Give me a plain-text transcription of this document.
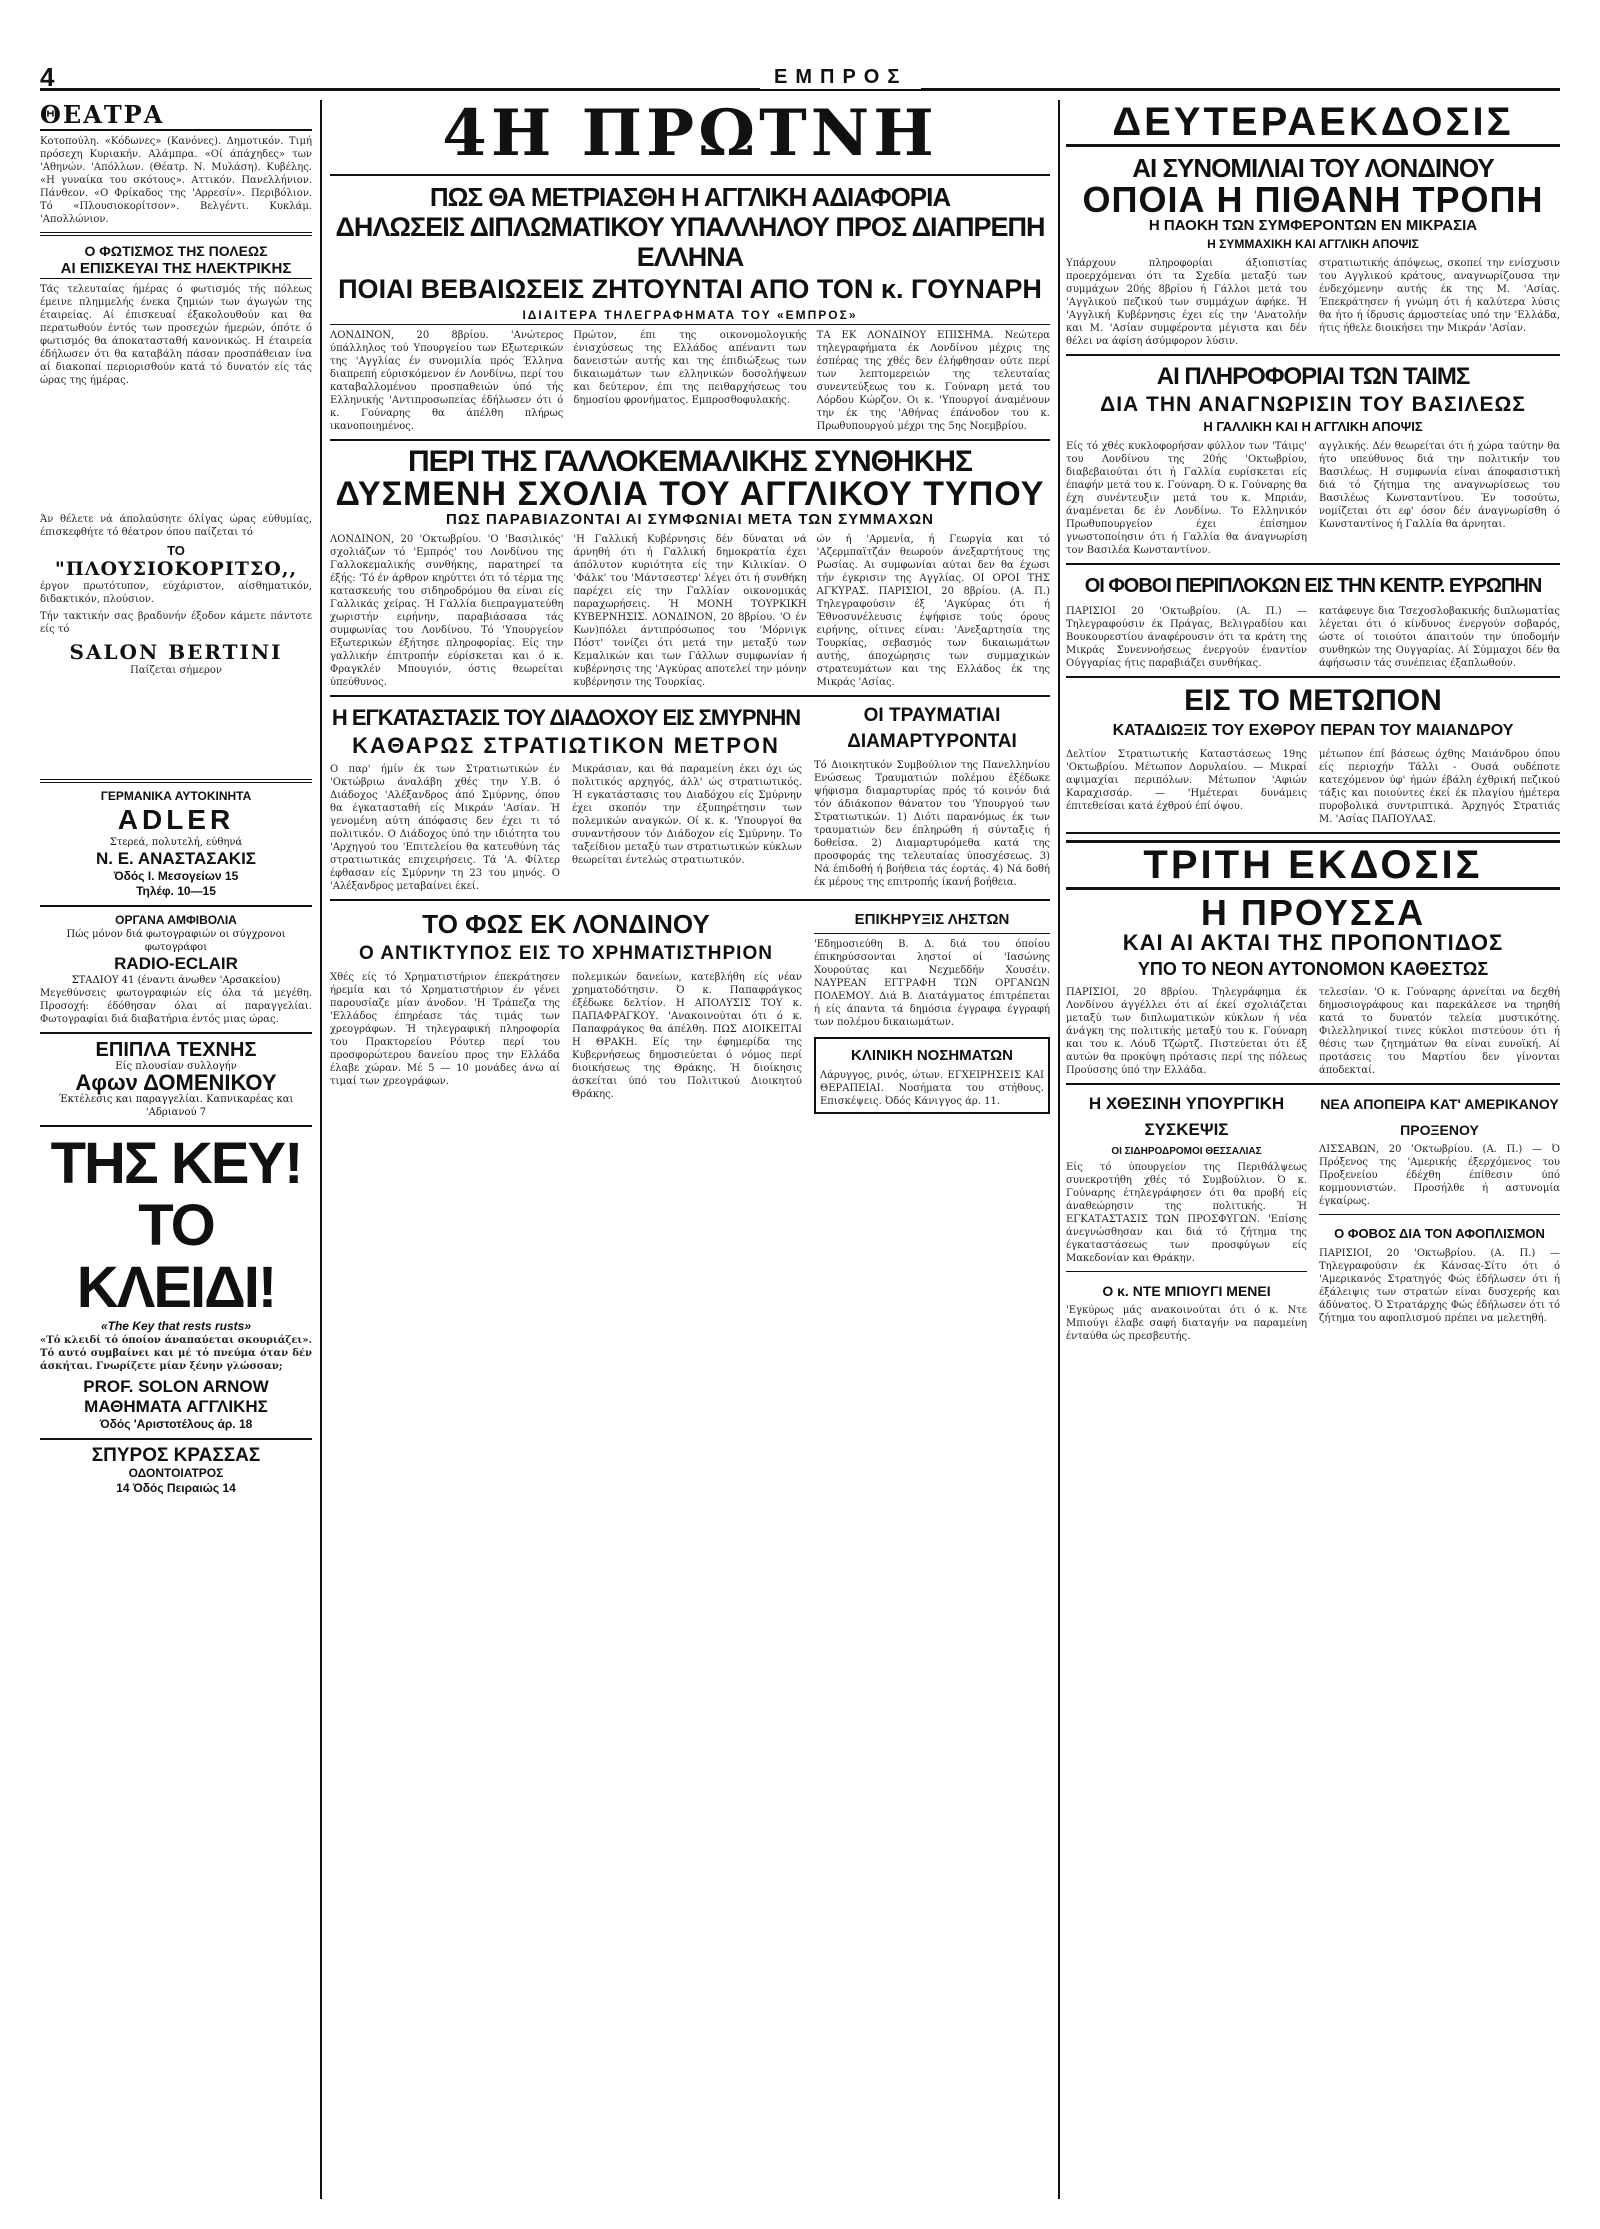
4	ΕΜΠΡΟΣ
ΘΕΑΤΡΑ
Κοτοπούλη. «Κόδωνες» (Κανόνες). Δημοτικόν. Τιμή πρόσεχη Κυριακήν. Αλάμπρα. «Οί άπάχηδες» των 'Αθηνών. 'Απόλλων. (Θέατρ. Ν. Μυλάση). Κυβέλης. «Η γυναίκα του σκότους». Αττικόν. Πανελλήνιον. Πάνθεον. «Ο Φρίκαδος της 'Αρρεσίν». Περιβόλιον. Τό «Πλουσιοκορίτσον». Βελγέντι. Κυκλάμ. 'Απολλώνιον.
Ο ΦΩΤΙΣΜΟΣ ΤΗΣ ΠΟΛΕΩΣ
ΑΙ ΕΠΙΣΚΕΥΑΙ ΤΗΣ ΗΛΕΚΤΡΙΚΗΣ
Τάς τελευταίας ήμέρας ό φωτισμός τής πόλεως έμεινε πλημμελής ένεκα ζημιών των άγωγών της έταιρείας. Αί έπισκευαί έξακολουθούν και θα περατωθούν έντός των προσεχών ήμερών, όπότε ό φωτισμός θα άποκατασταθή κανονικώς. Η έταιρεία έδήλωσεν ότι θα καταβάλη πάσαν προσπάθειαν ίνα αί διακοπαί περιορισθούν κατά τό δυνατόν είς τάς ώρας της ήμέρας.
Άν θέλετε νά άπολαύσητε όλίγας ώρας εύθυμίας, έπισκεφθήτε τό θέατρον όπου παίζεται τό
ΤΟ
"ΠΛΟΥΣΙΟΚΟΡΙΤΣΟ,,
έργον πρωτότυπον, εύχάριστον, αίσθηματικόν, διδακτικόν, πλούσιον.
Τήν τακτικήν σας βραδυνήν έξοδον κάμετε πάντοτε είς τό
SALON BERTINI
Παίζεται σήμερον
ΓΕΡΜΑΝΙΚΑ ΑΥΤΟΚΙΝΗΤΑ
ADLER
Στερεά, πολυτελή, εύθηνά
Ν. Ε. ΑΝΑΣΤΑΣΑΚΙΣ
Όδός Ι. Μεσογείων 15
Τηλέφ. 10—15
ΟΡΓΑΝΑ ΑΜΦΙΒΟΛΙΑ
Πώς μόνον διά φωτογραφιών οι σύγχρονοι φωτογράφοι
RADIO-ECLAIR
ΣΤΑΔΙΟΥ 41 (έναντι άνωθεν 'Αρσακείου)
Μεγεθύνσεις φωτογραφιών είς όλα τά μεγέθη. Προσοχή: έδόθησαν όλαι αί παραγγελίαι. Φωτογραφίαι διά διαβατήρια έντός μιας ώρας.
ΕΠΙΠΛΑ ΤΕΧΝΗΣ
Είς πλουσίαν συλλογήν
Αφων ΔΟΜΕΝΙΚΟΥ
Έκτέλεσις και παραγγελίαι. Καπνικαρέας και 'Αδριανού 7
ΤΗΣ ΚΕΥ!
ΤΟ ΚΛΕΙΔΙ!
«The Key that rests rusts»
«Τό κλειδί τό όποίον άναπαύεται σκουριάζει». Τό αυτό συμβαίνει και μέ τό πνεύμα όταν δέν άσκήται. Γνωρίζετε μίαν ξένην γλώσσαν;
PROF. SOLON ARNOW
ΜΑΘΗΜΑΤΑ ΑΓΓΛΙΚΗΣ
Όδός 'Αριστοτέλους άρ. 18
ΣΠΥΡΟΣ ΚΡΑΣΣΑΣ
ΟΔΟΝΤΟΙΑΤΡΟΣ
14 Όδός Πειραιώς 14
4Η ΠΡΩΤΝΗ
ΠΩΣ ΘΑ ΜΕΤΡΙΑΣΘΗ Η ΑΓΓΛΙΚΗ ΑΔΙΑΦΟΡΙΑ
ΔΗΛΩΣΕΙΣ ΔΙΠΛΩΜΑΤΙΚΟΥ ΥΠΑΛΛΗΛΟΥ ΠΡΟΣ ΔΙΑΠΡΕΠΗ ΕΛΛΗΝΑ
ΠΟΙΑΙ ΒΕΒΑΙΩΣΕΙΣ ΖΗΤΟΥΝΤΑΙ ΑΠΟ ΤΟΝ κ. ΓΟΥΝΑΡΗ
ΙΔΙΑΙΤΕΡΑ ΤΗΛΕΓΡΑΦΗΜΑΤΑ ΤΟΥ «ΕΜΠΡΟΣ»
ΛΟΝΔΙΝΟΝ, 20 8βρίου. 'Ανώτερος ύπάλληλος τού Υπουργείου των Εξωτερικών της 'Αγγλίας έν συνομιλία πρός Έλληνα διαπρεπή εύρισκόμενον έν Λονδίνω, περί του καταβαλλομένου προσπαθειών ύπό τής Ελληνικής 'Αντιπροσωπείας έδήλωσεν ότι ό κ. Γούναρης θα άπέλθη πλήρως ικανοποιημένος.
Πρώτον, έπι της οικονομολογικής ένισχύσεως της Ελλάδος απέναντι των δανειστών αυτής και της έπιδιώξεως των δικαιωμάτων των ελληνικών δοσολήψεων και δεύτερον, έπι της πειθαρχήσεως του δημοσίου φρονήματος. Εμπροσθοφυλακής.
ΤΑ ΕΚ ΛΟΝΔΙΝΟΥ ΕΠΙΣΗΜΑ. Νεώτερα τηλεγραφήματα έκ Λονδίνου μέχρις της έσπέρας της χθές δεν έλήφθησαν ούτε περί των λεπτομερειών της τελευταίας συνεντεύξεως του κ. Γούναρη μετά του Λόρδου Κώρζον. Οι κ. 'Υπουργοί άναμένουν την έκ της 'Αθήνας έπάνοδον του κ. Πρωθυπουργού μέχρι της 5ης Νοεμβρίου.
ΠΕΡΙ ΤΗΣ ΓΑΛΛΟΚΕΜΑΛΙΚΗΣ ΣΥΝΘΗΚΗΣ
ΔΥΣΜΕΝΗ ΣΧΟΛΙΑ ΤΟΥ ΑΓΓΛΙΚΟΥ ΤΥΠΟΥ
ΠΩΣ ΠΑΡΑΒΙΑΖΟΝΤΑΙ ΑΙ ΣΥΜΦΩΝΙΑΙ ΜΕΤΑ ΤΩΝ ΣΥΜΜΑΧΩΝ
ΛΟΝΔΙΝΟΝ, 20 'Οκτωβρίου. 'Ο 'Βασιλικός' σχολιάζων τό 'Εμπρός' του Λονδίνου της Γαλλοκεμαλικής συνθήκης, παρατηρεί τα έξής: 'Τό έν άρθρον κηρύττει ότι τό τέρμα της κατασκευής του σιδηροδρόμου θα είναι είς Γαλλικάς χείρας. Ή Γαλλία διεπραγματεύθη χωριστήν ειρήνην, παραβιάσασα τάς συμφωνίας του Λονδίνου. Τό 'Υπουργείον Εξωτερικών έξήτησε πληροφορίας. Είς την γαλλικήν έπιτροπήν εύρίσκεται και ό κ. Φραγκλέν Μπουγιόν, όστις θεωρείται ύπεύθυνος.
'Η Γαλλική Κυβέρνησις δέν δύναται νά άρνηθή ότι ή Γαλλική δημοκρατία έχει άπόλυτον κυριότητα είς την Κιλικίαν. Ο 'Φάλκ' του 'Μάντσεστερ' λέγει ότι ή συνθήκη παρέχει είς την Γαλλίαν οικονομικάς παραχωρήσεις. Ή ΜΟΝΗ ΤΟΥΡΚΙΚΗ ΚΥΒΕΡΝΗΣΙΣ. ΛΟΝΔΙΝΟΝ, 20 8βρίου. 'Ο έν Κων)πόλει άντιπρόσωπος του 'Μόρνιγκ Πόστ' τονίζει ότι μετά την μεταξύ των Κεμαλικών και των Γάλλων συμφωνίαν ή κυβέρνησις της 'Αγκύρας αποτελεί την μόνην κυβέρνησιν της Τουρκίας.
ών ή 'Αρμενία, ή Γεωργία και τό 'Αζερμπαϊτζάν θεωρούν άνεξαρτήτους της Ρωσίας. Αι συμφωνίαι αύται δεν θα έχωσι τήν έγκρισιν της Αγγλίας. ΟΙ ΟΡΟΙ ΤΗΣ ΑΓΚΥΡΑΣ. ΠΑΡΙΣΙΟΙ, 20 8βρίου. (Α. Π.) Τηλεγραφούσιν έξ 'Αγκύρας ότι ή Έθνοσυνέλευσις έψήφισε τούς όρους ειρήνης, οίτινες είναι: 'Ανεξαρτησία της Τουρκίας, σεβασμός των δικαιωμάτων αυτής, άποχώρησις των συμμαχικών στρατευμάτων και της Ελλάδος έκ της Μικράς 'Ασίας.
Η ΕΓΚΑΤΑΣΤΑΣΙΣ ΤΟΥ ΔΙΑΔΟΧΟΥ ΕΙΣ ΣΜΥΡΝΗΝ
ΚΑΘΑΡΩΣ ΣΤΡΑΤΙΩΤΙΚΟΝ ΜΕΤΡΟΝ
Ο παρ' ήμίν έκ των Στρατιωτικών έν 'Οκτώβριω άναλάβη χθές την Υ.Β. ό Διάδοχος 'Αλέξανδρος άπό Σμύρνης, όπου θα έγκατασταθή είς Μικράν 'Ασίαν. Ή γενομένη αύτη άπόφασις δεν έχει τι τό πολιτικόν. Ο Διάδοχος ύπό την ιδιότητα του 'Αρχηγού του 'Επιτελείου θα κατευθύνη τάς στρατιωτικάς επιχειρήσεις. Τά 'Α. Φίλτερ έφθασαν είς Σμύρνην τη 23 του μηνός. Ο 'Αλέξανδρος μεταβαίνει έκεί.
Μικράσιαν, και θά παραμείνη έκει όχι ώς πολιτικός αρχηγός, άλλ' ώς στρατιωτικός. Ή εγκατάστασις του Διαδόχου είς Σμύρνην έχει σκοπόν την έξυπηρέτησιν των πολεμικών αναγκών. Οί κ. κ. 'Υπουργοί θα συναντήσουν τόν Διάδοχον είς Σμύρνην. Το ταξείδιον μεταξύ των στρατιωτικών κύκλων θεωρείται έντελώς στρατιωτικόν.
ΟΙ ΤΡΑΥΜΑΤΙΑΙ ΔΙΑΜΑΡΤΥΡΟΝΤΑΙ
Τό Διοικητικόν Συμβούλιον της Πανελληνίου Ενώσεως Τραυματιών πολέμου έξέδωκε ψήφισμα διαμαρτυρίας πρός τό κοινόν διά τόν άδιάκοπον θάνατον του 'Υπουργού των Στρατιωτικών. 1) Διότι παρανόμως έκ των τραυματιών δεν έπληρώθη ή σύνταξις ή δοθείσα. 2) Διαμαρτυρόμεθα κατά της προσφοράς της τελευταίας ύποσχέσεως. 3) Νά έπιδοθή ή βοήθεια τάς έορτάς. 4) Νά δοθή έκ μέρους της επιτροπής ίκανή βοήθεια.
ΤΟ ΦΩΣ ΕΚ ΛΟΝΔΙΝΟΥ
Ο ΑΝΤΙΚΤΥΠΟΣ ΕΙΣ ΤΟ ΧΡΗΜΑΤΙΣΤΗΡΙΟΝ
Χθές είς τό Χρηματιστήριον έπεκράτησεν ήρεμία και τό Χρηματιστήριον έν γένει παρουσίαζε μίαν άνοδον. 'Η Τράπεζα της 'Ελλάδος έπηρέασε τάς τιμάς των χρεογράφων. Ή τηλεγραφική πληροφορία του Πρακτορείου Ρόυτερ περί του προσφορώτερου δανείου προς την Ελλάδα έλαβε χώραν. Μέ 5 — 10 μονάδες άνω αί τιμαί των χρεογράφων.
πολεμικών δανείων, κατεβλήθη είς νέαν χρηματοδότησιν. Ό κ. Παπαφράγκος έξέδωκε δελτίον. Η ΑΠΟΛΥΣΙΣ ΤΟΥ κ. ΠΑΠΑΦΡΑΓΚΟΥ. 'Ανακοινούται ότι ό κ. Παπαφράγκος θα άπέλθη. ΠΩΣ ΔΙΟΙΚΕΙΤΑΙ Η ΘΡΑΚΗ. Είς την έφημερίδα της Κυβερνήσεως δημοσιεύεται ό νόμος περί διοικήσεως της Θράκης. Ή διοίκησις άσκείται ύπό του Πολιτικού Διοικητού Θράκης.
ΕΠΙΚΗΡΥΞΙΣ ΛΗΣΤΩΝ
'Εδημοσιεύθη Β. Δ. διά του όποίου έπικηρύσσονται ληστοί οί 'Ιασώνης Χουρούτας και Νεχμεδδήν Χουσέιν. ΝΑΥΡΕΑΝ ΕΓΓΡΑΦΗ ΤΩΝ ΟΡΓΑΝΩΝ ΠΟΛΕΜΟΥ. Διά Β. Διατάγματος έπιτρέπεται ή είς άπαντα τά δημόσια έγγραφα έγγραφή των πολέμου δικαιωμάτων.
ΚΛΙΝΙΚΗ ΝΟΣΗΜΑΤΩΝ
Λάρυγγος, ρινός, ώτων. ΕΓΧΕΙΡΗΣΕΙΣ ΚΑΙ ΘΕΡΑΠΕΙΑΙ. Νοσήματα του στήθους. Επισκέψεις. Όδός Κάνιγγος άρ. 11.
ΔΕΥΤΕΡΑΕΚΔΟΣΙΣ
ΑΙ ΣΥΝΟΜΙΛΙΑΙ ΤΟΥ ΛΟΝΔΙΝΟΥ
ΟΠΟΙΑ Η ΠΙΘΑΝΗ ΤΡΟΠΗ
Η ΠΑΟΚΗ ΤΩΝ ΣΥΜΦΕΡΟΝΤΩΝ ΕΝ ΜΙΚΡΑΣΙΑ
Η ΣΥΜΜΑΧΙΚΗ ΚΑΙ ΑΓΓΛΙΚΗ ΑΠΟΨΙΣ
Υπάρχουν πληροφορίαι άξιοπιστίας προερχόμεναι ότι τα Σχεδία μεταξύ των συμμάχων 20ής 8βρίου ή Γάλλοι μετά του 'Αγγλικού πεζικού των συμμάχων άφήκε. Ή 'Αγγλική Κυβέρνησις έχει είς την 'Ανατολήν και Μ. 'Ασίαν συμφέροντα μέγιστα και δέν θέλει να άφίση άσύμφορον λύσιν.
στρατιωτικής άπόψεως, σκοπεί την ενίσχυσιν του Αγγλικού κράτους, αναγνωρίζουσα την ένδεχόμενην αυτής έκ της Μ. 'Ασίας. Έπεκράτησεν ή γνώμη ότι ή καλύτερα λύσις θα ήτο ή ίδρυσις άρμοστείας υπό την 'Ελλάδα, ήτις ήθελε διοικήσει την Μικράν 'Ασίαν.
ΑΙ ΠΛΗΡΟΦΟΡΙΑΙ ΤΩΝ ΤΑΙΜΣ
ΔΙΑ ΤΗΝ ΑΝΑΓΝΩΡΙΣΙΝ ΤΟΥ ΒΑΣΙΛΕΩΣ
Η ΓΑΛΛΙΚΗ ΚΑΙ Η ΑΓΓΛΙΚΗ ΑΠΟΨΙΣ
Είς τό χθές κυκλοφορήσαν φύλλον των 'Τάιμς' του Λονδίνου της 20ής 'Οκτωβρίου, διαβεβαιούται ότι ή Γαλλία ευρίσκεται είς έπαφήν μετά του κ. Γούναρη. Ό κ. Γούναρης θα έχη συνέντευξιν μετά του κ. Μπριάν, άναμένεται δε έν Λονδίνω. Το Ελληνικόν Πρωθυπουργείον έχει έπίσημον γνωστοποίησιν ότι ή Γαλλία θα άναγνωρίση τον Βασιλέα Κωνσταντίνον.
αγγλικής. Δέν θεωρείται ότι ή χώρα ταύτην θα ήτο υπεύθυνος διά την πολιτικήν του Βασιλέως. Η συμφωνία είναι άποφασιστική διά τό ζήτημα της αναγνωρίσεως του Βασιλέως Κωνσταντίνου. Έν τοσούτω, νομίζεται ότι εφ' όσον δέν άναγνωρίσθη ό Κωνσταντίνος ή Γαλλία θα άρνηται.
ΟΙ ΦΟΒΟΙ ΠΕΡΙΠΛΟΚΩΝ ΕΙΣ ΤΗΝ ΚΕΝΤΡ. ΕΥΡΩΠΗΝ
ΠΑΡΙΣΙΟΙ 20 'Οκτωβρίου. (Α. Π.) — Τηλεγραφούσιν έκ Πράγας, Βελιγραδίου και Βουκουρεστίου άναφέρουσιν ότι τα κράτη της Μικράς Συνεννοήσεως ένεργούν έναντίον Ούγγαρίας ήτις παραβιάζει συνθήκας.
κατάφευγε δια Τσεχοσλοβακικής διπλωματίας λέγεται ότι ό κίνδυνος ένεργούν σοβαρός, ώστε οί τοιούτοι άπαιτούν την ύποδομήν συνθηκών της Ουγγαρίας. Αί Σύμμαχοι δέν θα άφήσωσιν τάς συνέπειας έξαπλωθούν.
ΕΙΣ ΤΟ ΜΕΤΩΠΟΝ
ΚΑΤΑΔΙΩΞΙΣ ΤΟΥ ΕΧΘΡΟΥ ΠΕΡΑΝ ΤΟΥ ΜΑΙΑΝΔΡΟΥ
Δελτίον Στρατιωτικής Καταστάσεως 19ης 'Οκτωβρίου. Μέτωπον Δορυλαίου. — Μικραί αψιμαχίαι περιπόλων. Μέτωπον 'Αφιών Καραχισσάρ. — 'Ημέτεραι δυνάμεις έπιτεθείσαι κατά έχθρού έπί όψου.
μέτωπον έπί βάσεως όχθης Μαιάνδρου όπου είς περιοχήν Τάλλι - Ουσά ουδέποτε κατεχόμενον ύφ' ήμών έβάλη έχθρική πεζικού τάξις και ποιούντες έκεί έκ πλαγίου ήμέτερα πυροβολικά συντριπτικά. Άρχηγός Στρατιάς Μ. 'Ασίας ΠΑΠΟΥΛΑΣ.
ΤΡΙΤΗ ΕΚΔΟΣΙΣ
Η ΠΡΟΥΣΣΑ
ΚΑΙ ΑΙ ΑΚΤΑΙ ΤΗΣ ΠΡΟΠΟΝΤΙΔΟΣ
ΥΠΟ ΤΟ ΝΕΟΝ ΑΥΤΟΝΟΜΟΝ ΚΑΘΕΣΤΩΣ
ΠΑΡΙΣΙΟΙ, 20 8βρίου. Τηλεγράφημα έκ Λονδίνου άγγέλλει ότι αί έκεί σχολιάζεται μεταξύ των διπλωματικών κύκλων ή νέα άνάγκη της πολιτικής μεταξύ του κ. Γούναρη και του κ. Λόυδ Τζώρτζ. Πιστεύεται ότι έξ αυτών θα προκύψη πρότασις περί της πόλεως Προύσσης ύπό την Ελλάδα.
τελεσίαν. 'Ο κ. Γούναρης άρνείται να δεχθή δημοσιογράφους και παρεκάλεσε να τηρηθή κατά το δυνατόν τελεία μυστικότης. Φιλελληνικοί τινες κύκλοι πιστεύουν ότι ή θέσις των ζητημάτων θα είναι ευνοϊκή. Αί προτάσεις του Μαρτίου δεν γίνονται άποδεκταί.
Η ΧΘΕΣΙΝΗ ΥΠΟΥΡΓΙΚΗ ΣΥΣΚΕΨΙΣ
ΟΙ ΣΙΔΗΡΟΔΡΟΜΟΙ ΘΕΣΣΑΛΙΑΣ
Είς τό ύπουργείον της Περιθάλψεως συνεκροτήθη χθές τό Συμβούλιον. Ό κ. Γούναρης έτηλεγράφησεν ότι θα προβή είς άναθεώρησιν της πολιτικής. Ή ΕΓΚΑΤΑΣΤΑΣΙΣ ΤΩΝ ΠΡΟΣΦΥΓΩΝ. 'Επίσης άνεγνώσθησαν και διά τό ζήτημα της έγκαταστάσεως των προσφύγων είς Μακεδονίαν και Θράκην.
Ο κ. ΝΤΕ ΜΠΙΟΥΓΙ ΜΕΝΕΙ
'Εγκύρως μάς ανακοινούται ότι ό κ. Ντε Μπιούγι έλαβε σαφή διαταγήν να παραμείνη ένταύθα ώς πρεσβευτής.
ΝΕΑ ΑΠΟΠΕΙΡΑ ΚΑΤ' ΑΜΕΡΙΚΑΝΟΥ ΠΡΟΞΕΝΟΥ
ΛΙΣΣΑΒΩΝ, 20 'Οκτωβρίου. (Α. Π.) — Ό Πρόξενος της 'Αμερικής έξερχόμενος του Προξενείου έδέχθη έπίθεσιν ύπό κομμουνιστών. Προσήλθε ή αστυνομία έγκαίρως.
Ο ΦΟΒΟΣ ΔΙΑ ΤΟΝ ΑΦΟΠΛΙΣΜΟΝ
ΠΑΡΙΣΙΟΙ, 20 'Οκτωβρίου. (Α. Π.) — Τηλεγραφούσιν έκ Κάνσας-Σίτυ ότι ό 'Αμερικανός Στρατηγός Φώς έδήλωσεν ότι ή έξάλειψις των στρατών είναι δυσχερής και άδύνατος. Ό Στρατάρχης Φώς έδήλωσεν ότι τό ζήτημα του αφοπλισμού πρέπει να μελετηθή.
